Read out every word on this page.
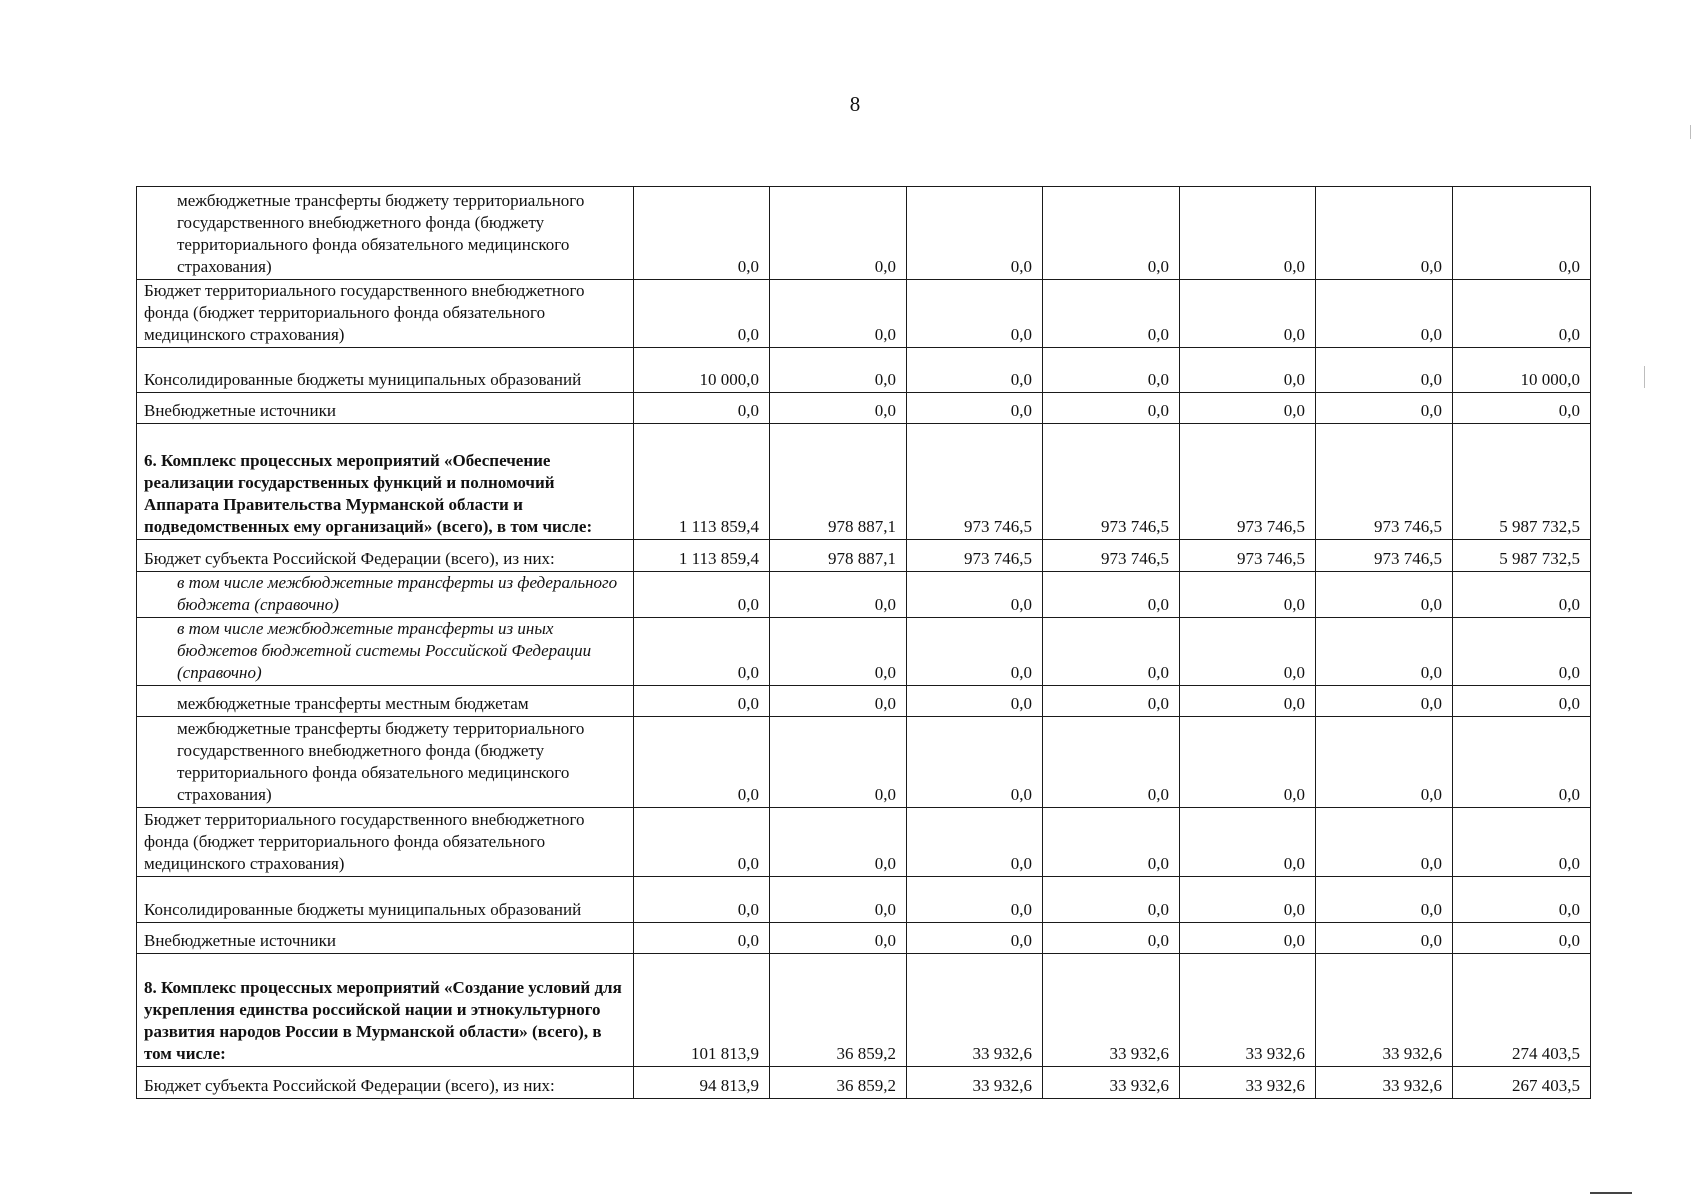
8
межбюджетные трансферты бюджету территориального государственного внебюджетного фонда (бюджету территориального фонда обязательного медицинского страхования)	0,0	0,0	0,0	0,0	0,0	0,0	0,0
Бюджет территориального государственного внебюджетного фонда (бюджет территориального фонда обязательного медицинского страхования)	0,0	0,0	0,0	0,0	0,0	0,0	0,0
Консолидированные бюджеты муниципальных образований	10 000,0	0,0	0,0	0,0	0,0	0,0	10 000,0
Внебюджетные источники	0,0	0,0	0,0	0,0	0,0	0,0	0,0
6. Комплекс процессных мероприятий «Обеспечение реализации государственных функций и полномочий Аппарата Правительства Мурманской области и подведомственных ему организаций» (всего), в том числе:	1 113 859,4	978 887,1	973 746,5	973 746,5	973 746,5	973 746,5	5 987 732,5
Бюджет субъекта Российской Федерации (всего), из них:	1 113 859,4	978 887,1	973 746,5	973 746,5	973 746,5	973 746,5	5 987 732,5
в том числе межбюджетные трансферты из федерального бюджета (справочно)	0,0	0,0	0,0	0,0	0,0	0,0	0,0
в том числе межбюджетные трансферты из иных бюджетов бюджетной системы Российской Федерации (справочно)	0,0	0,0	0,0	0,0	0,0	0,0	0,0
межбюджетные трансферты местным бюджетам	0,0	0,0	0,0	0,0	0,0	0,0	0,0
межбюджетные трансферты бюджету территориального государственного внебюджетного фонда (бюджету территориального фонда обязательного медицинского страхования)	0,0	0,0	0,0	0,0	0,0	0,0	0,0
Бюджет территориального государственного внебюджетного фонда (бюджет территориального фонда обязательного медицинского страхования)	0,0	0,0	0,0	0,0	0,0	0,0	0,0
Консолидированные бюджеты муниципальных образований	0,0	0,0	0,0	0,0	0,0	0,0	0,0
Внебюджетные источники	0,0	0,0	0,0	0,0	0,0	0,0	0,0
8. Комплекс процессных мероприятий «Создание условий для укрепления единства российской нации и этнокультурного развития народов России в Мурманской области» (всего), в том числе:	101 813,9	36 859,2	33 932,6	33 932,6	33 932,6	33 932,6	274 403,5
Бюджет субъекта Российской Федерации (всего), из них:	94 813,9	36 859,2	33 932,6	33 932,6	33 932,6	33 932,6	267 403,5
